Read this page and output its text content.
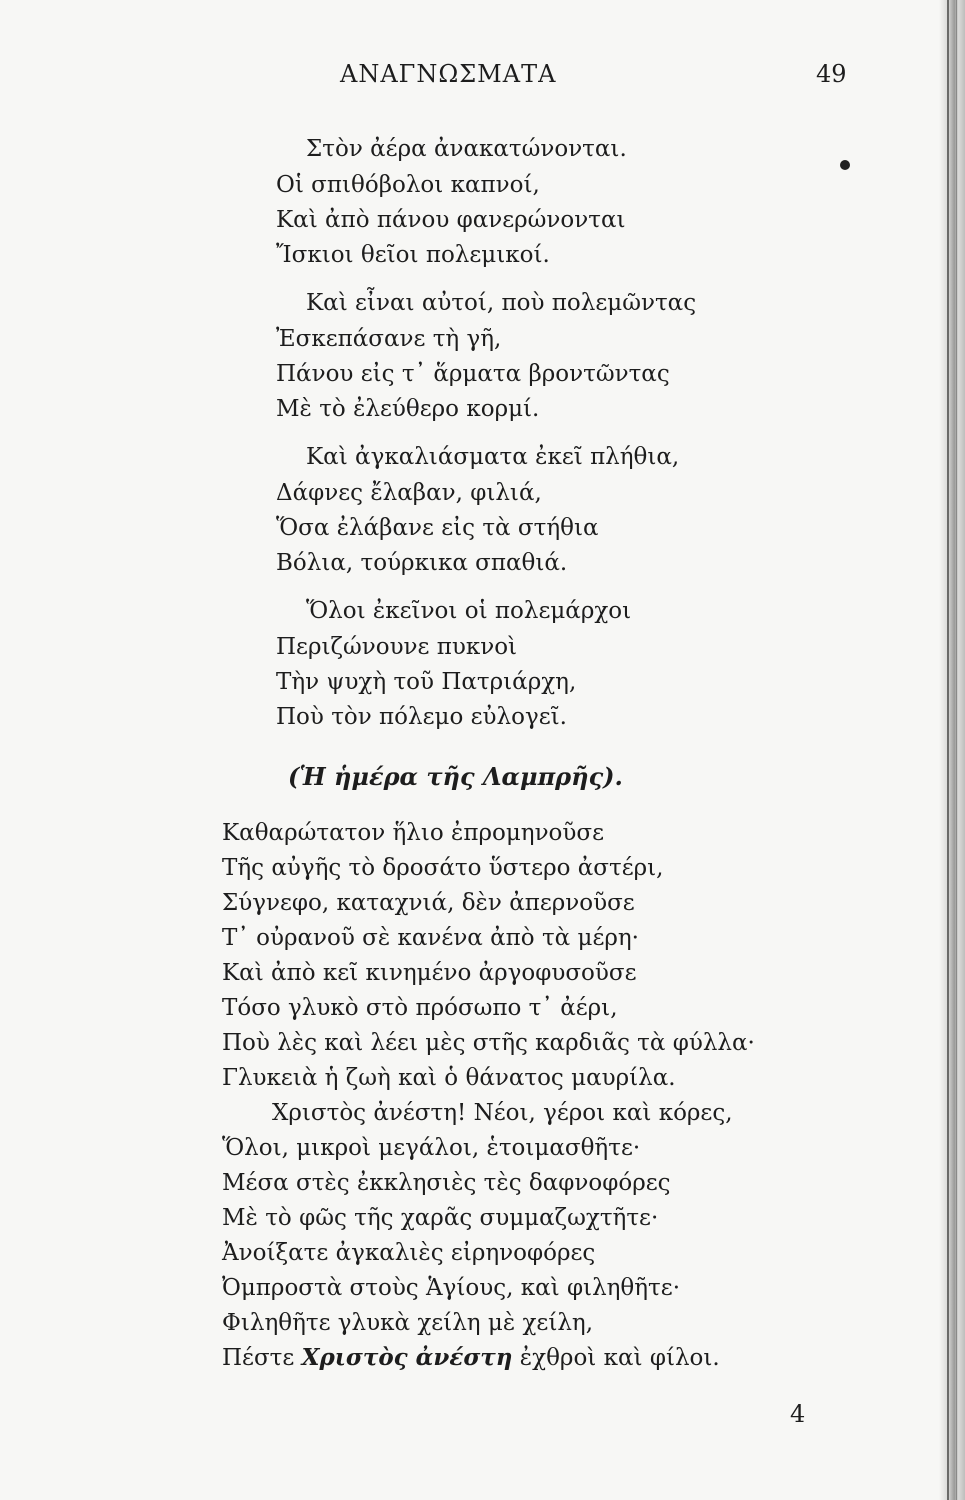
ΑΝΑΓΝΩΣΜΑΤΑ	49
Στὸν ἀέρα ἀνακατώνονται.
Οἱ σπιθόβολοι καπνοί,
Καὶ ἀπὸ πάνου φανερώνονται
Ἴσκιοι θεῖοι πολεμικοί.
Καὶ εἶναι αὐτοί, ποὺ πολεμῶντας
Ἐσκεπάσανε τὴ γῆ,
Πάνου εἰς τ᾿ ἅρματα βροντῶντας
Μὲ τὸ ἐλεύθερο κορμί.
Καὶ ἀγκαλιάσματα ἐκεῖ πλήθια,
Δάφνες ἔλαβαν, φιλιά,
Ὅσα ἐλάβανε εἰς τὰ στήθια
Βόλια, τούρκικα σπαθιά.
Ὅλοι ἐκεῖνοι οἱ πολεμάρχοι
Περιζώνουνε πυκνοὶ
Τὴν ψυχὴ τοῦ Πατριάρχη,
Ποὺ τὸν πόλεμο εὐλογεῖ.
(Ἡ ἡμέρα τῆς Λαμπρῆς).
Καθαρώτατον ἥλιο ἐπρομηνοῦσε
Τῆς αὐγῆς τὸ δροσάτο ὕστερο ἀστέρι,
Σύγνεφο, καταχνιά, δὲν ἀπερνοῦσε
Τ᾿ οὐρανοῦ σὲ κανένα ἀπὸ τὰ μέρη·
Καὶ ἀπὸ κεῖ κινημένο ἀργοφυσοῦσε
Τόσο γλυκὸ στὸ πρόσωπο τ᾿ ἀέρι,
Ποὺ λὲς καὶ λέει μὲς στῆς καρδιᾶς τὰ φύλλα·
Γλυκειὰ ἡ ζωὴ καὶ ὁ θάνατος μαυρίλα.
Χριστὸς ἀνέστη! Νέοι, γέροι καὶ κόρες,
Ὅλοι, μικροὶ μεγάλοι, ἑτοιμασθῆτε·
Μέσα στὲς ἐκκλησιὲς τὲς δαφνοφόρες
Μὲ τὸ φῶς τῆς χαρᾶς συμμαζωχτῆτε·
Ἀνοίξατε ἀγκαλιὲς εἰρηνοφόρες
Ὀμπροστὰ στοὺς Ἁγίους, καὶ φιληθῆτε·
Φιληθῆτε γλυκὰ χείλη μὲ χείλη,
Πέστε Χριστὸς ἀνέστη ἐχθροὶ καὶ φίλοι.
4
